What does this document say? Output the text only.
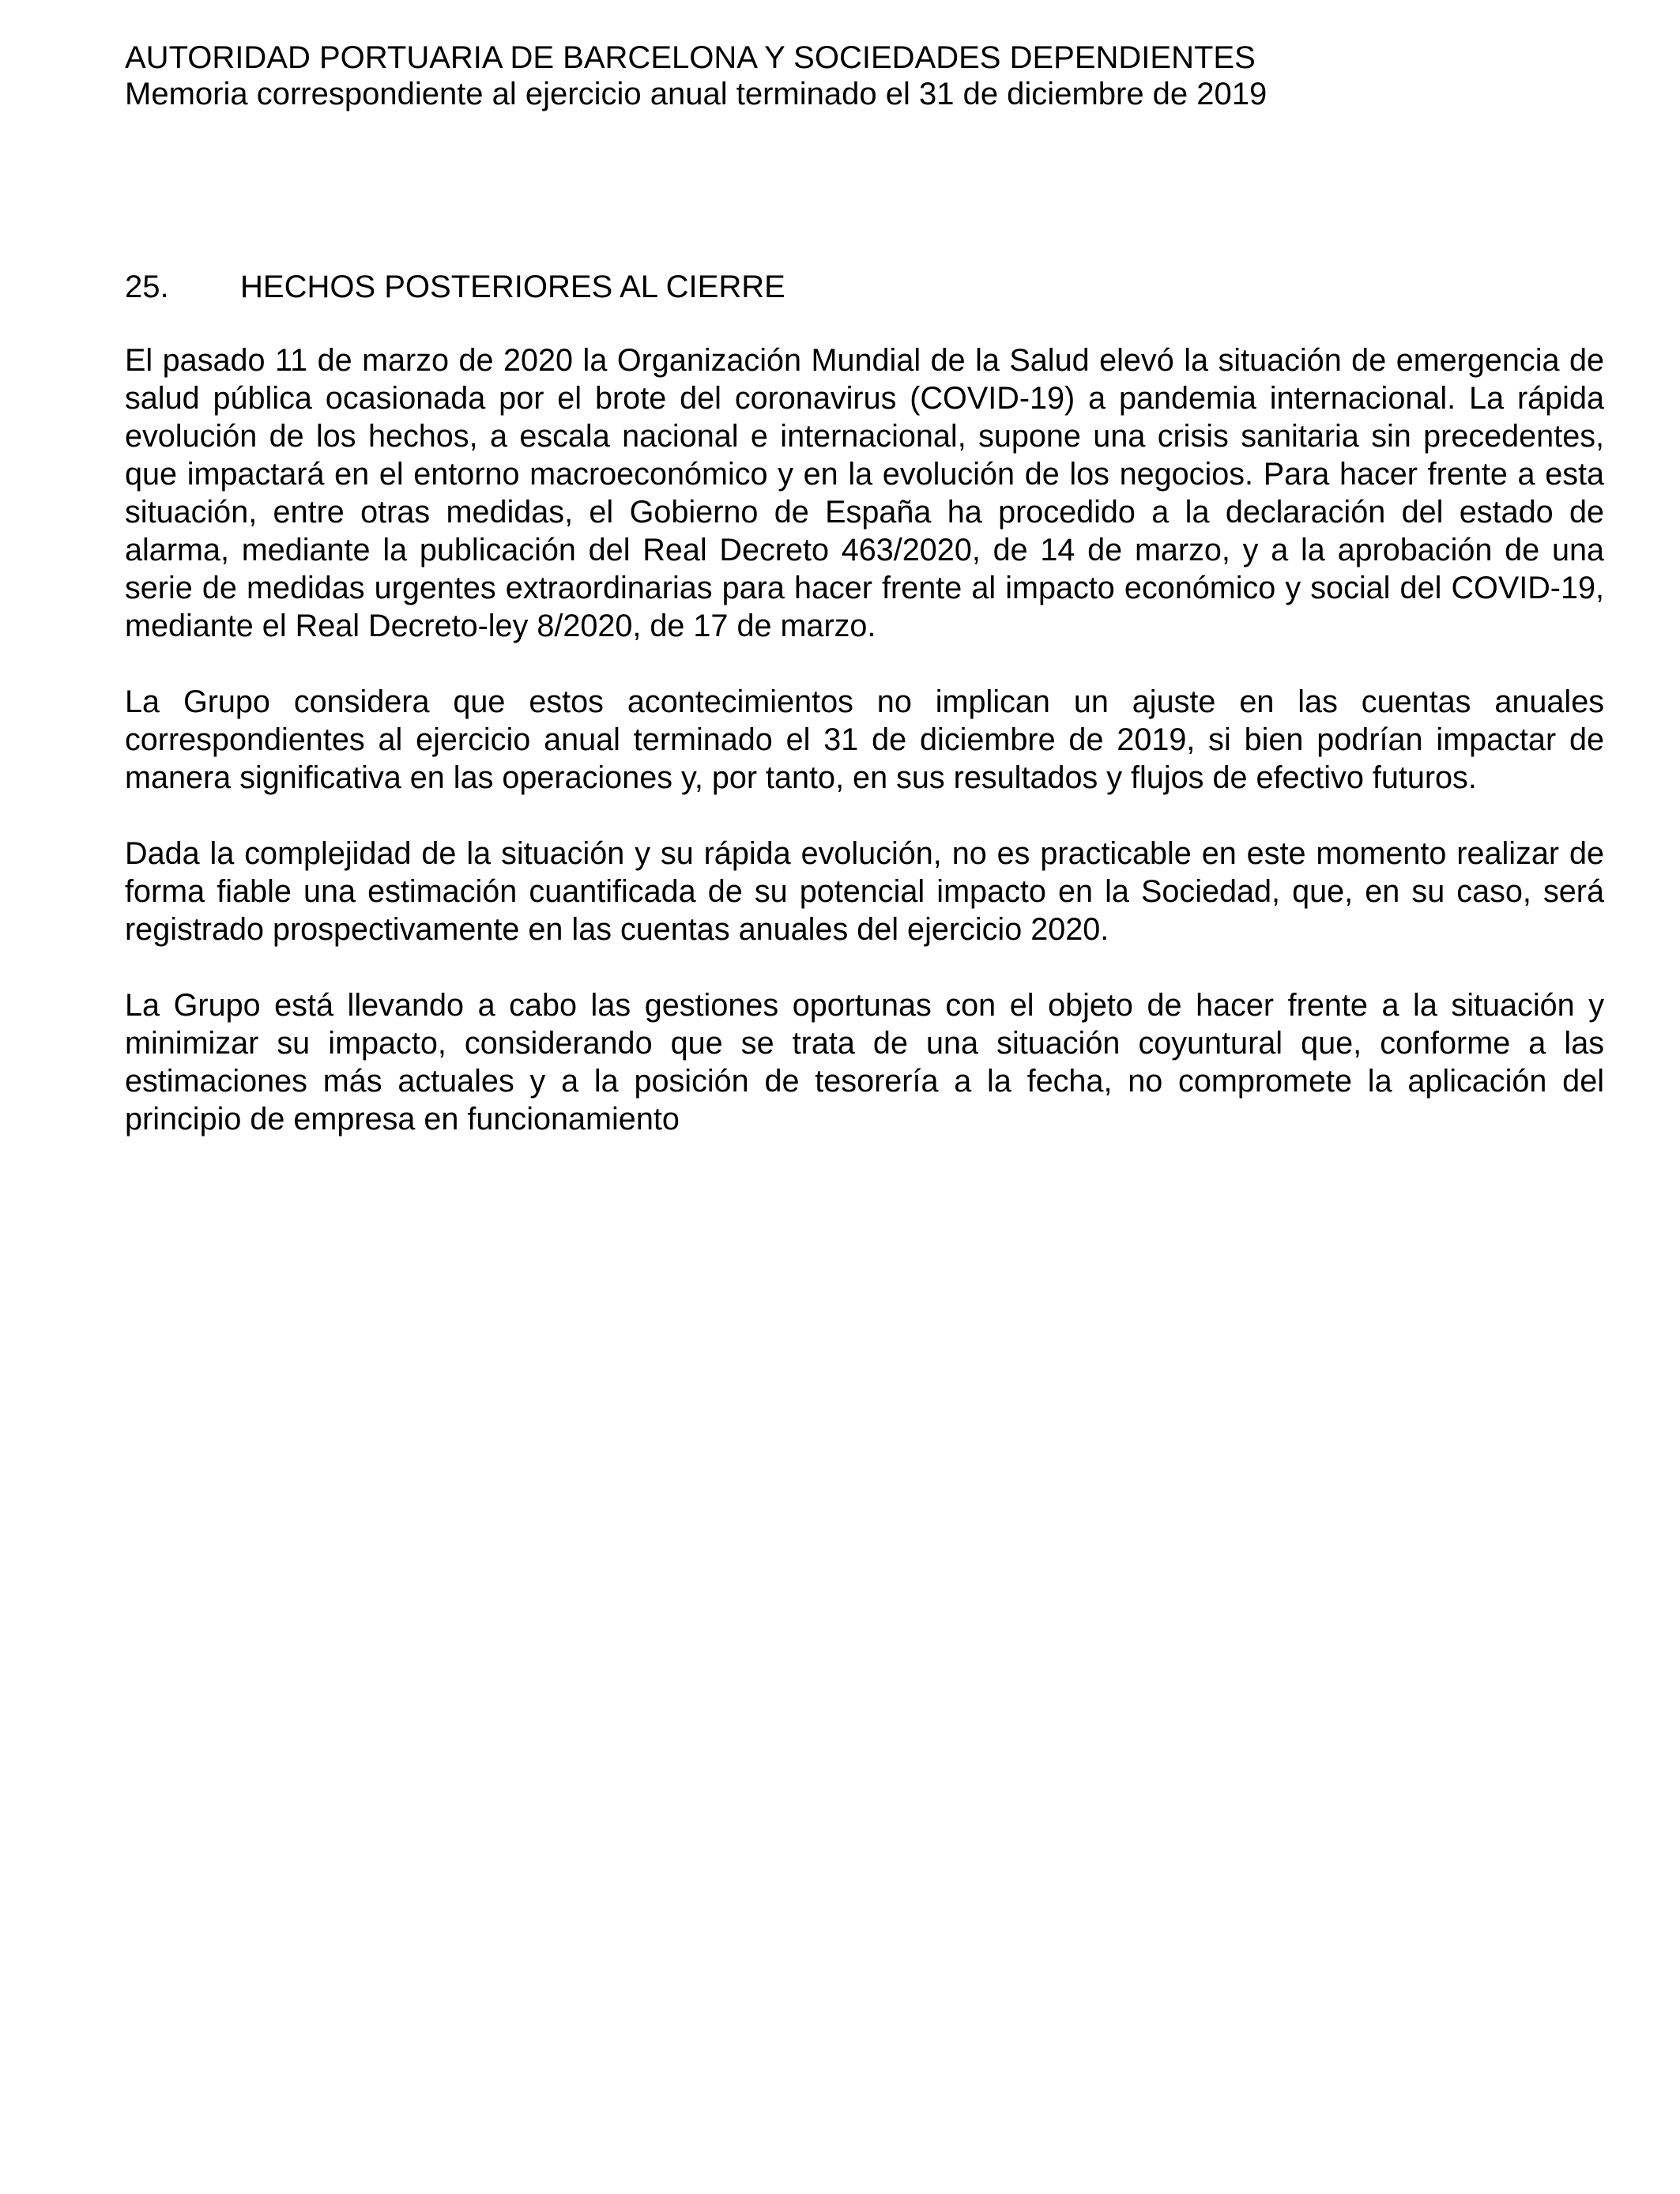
AUTORIDAD PORTUARIA DE BARCELONA Y SOCIEDADES DEPENDIENTES
Memoria correspondiente al ejercicio anual terminado el 31 de diciembre de 2019
25. HECHOS POSTERIORES AL CIERRE

El pasado 11 de marzo de 2020 la Organización Mundial de la Salud elevó la situación de emergencia de salud pública ocasionada por el brote del coronavirus (COVID-19) a pandemia internacional. La rápida evolución de los hechos, a escala nacional e internacional, supone una crisis sanitaria sin precedentes, que impactará en el entorno macroeconómico y en la evolución de los negocios. Para hacer frente a esta situación, entre otras medidas, el Gobierno de España ha procedido a la declaración del estado de alarma, mediante la publicación del Real Decreto 463/2020, de 14 de marzo, y a la aprobación de una serie de medidas urgentes extraordinarias para hacer frente al impacto económico y social del COVID-19, mediante el Real Decreto-ley 8/2020, de 17 de marzo.

La Grupo considera que estos acontecimientos no implican un ajuste en las cuentas anuales correspondientes al ejercicio anual terminado el 31 de diciembre de 2019, si bien podrían impactar de manera significativa en las operaciones y, por tanto, en sus resultados y flujos de efectivo futuros.

Dada la complejidad de la situación y su rápida evolución, no es practicable en este momento realizar de forma fiable una estimación cuantificada de su potencial impacto en la Sociedad, que, en su caso, será registrado prospectivamente en las cuentas anuales del ejercicio 2020.

La Grupo está llevando a cabo las gestiones oportunas con el objeto de hacer frente a la situación y minimizar su impacto, considerando que se trata de una situación coyuntural que, conforme a las estimaciones más actuales y a la posición de tesorería a la fecha, no compromete la aplicación del principio de empresa en funcionamiento
